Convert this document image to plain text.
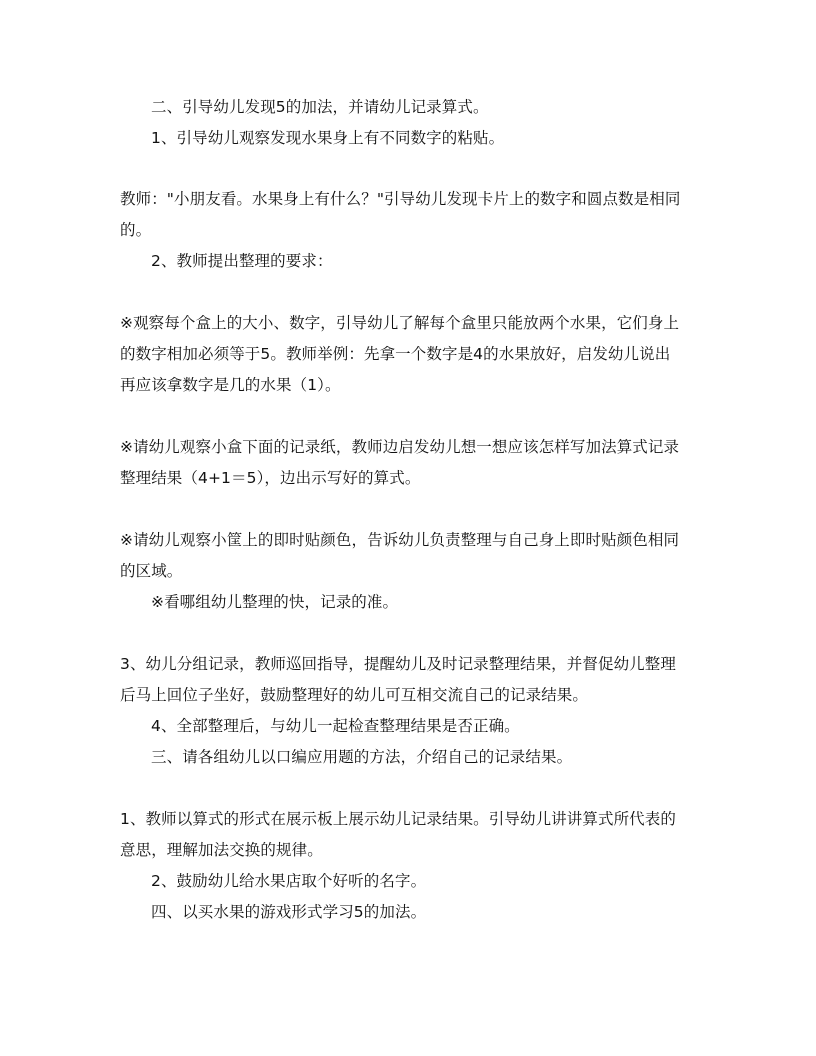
二、引导幼儿发现5的加法，并请幼儿记录算式。
1、引导幼儿观察发现水果身上有不同数字的粘贴。
教师："小朋友看。水果身上有什么？"引导幼儿发现卡片上的数字和圆点数是相同
的。
2、教师提出整理的要求：
※观察每个盒上的大小、数字，引导幼儿了解每个盒里只能放两个水果，它们身上
的数字相加必须等于5。教师举例：先拿一个数字是4的水果放好，启发幼儿说出
再应该拿数字是几的水果（1）。
※请幼儿观察小盒下面的记录纸，教师边启发幼儿想一想应该怎样写加法算式记录
整理结果（4+1＝5），边出示写好的算式。
※请幼儿观察小筐上的即时贴颜色，告诉幼儿负责整理与自己身上即时贴颜色相同
的区域。
※看哪组幼儿整理的快，记录的准。
3、幼儿分组记录，教师巡回指导，提醒幼儿及时记录整理结果，并督促幼儿整理
后马上回位子坐好，鼓励整理好的幼儿可互相交流自己的记录结果。
4、全部整理后，与幼儿一起检查整理结果是否正确。
三、请各组幼儿以口编应用题的方法，介绍自己的记录结果。
1、教师以算式的形式在展示板上展示幼儿记录结果。引导幼儿讲讲算式所代表的
意思，理解加法交换的规律。
2、鼓励幼儿给水果店取个好听的名字。
四、以买水果的游戏形式学习5的加法。
